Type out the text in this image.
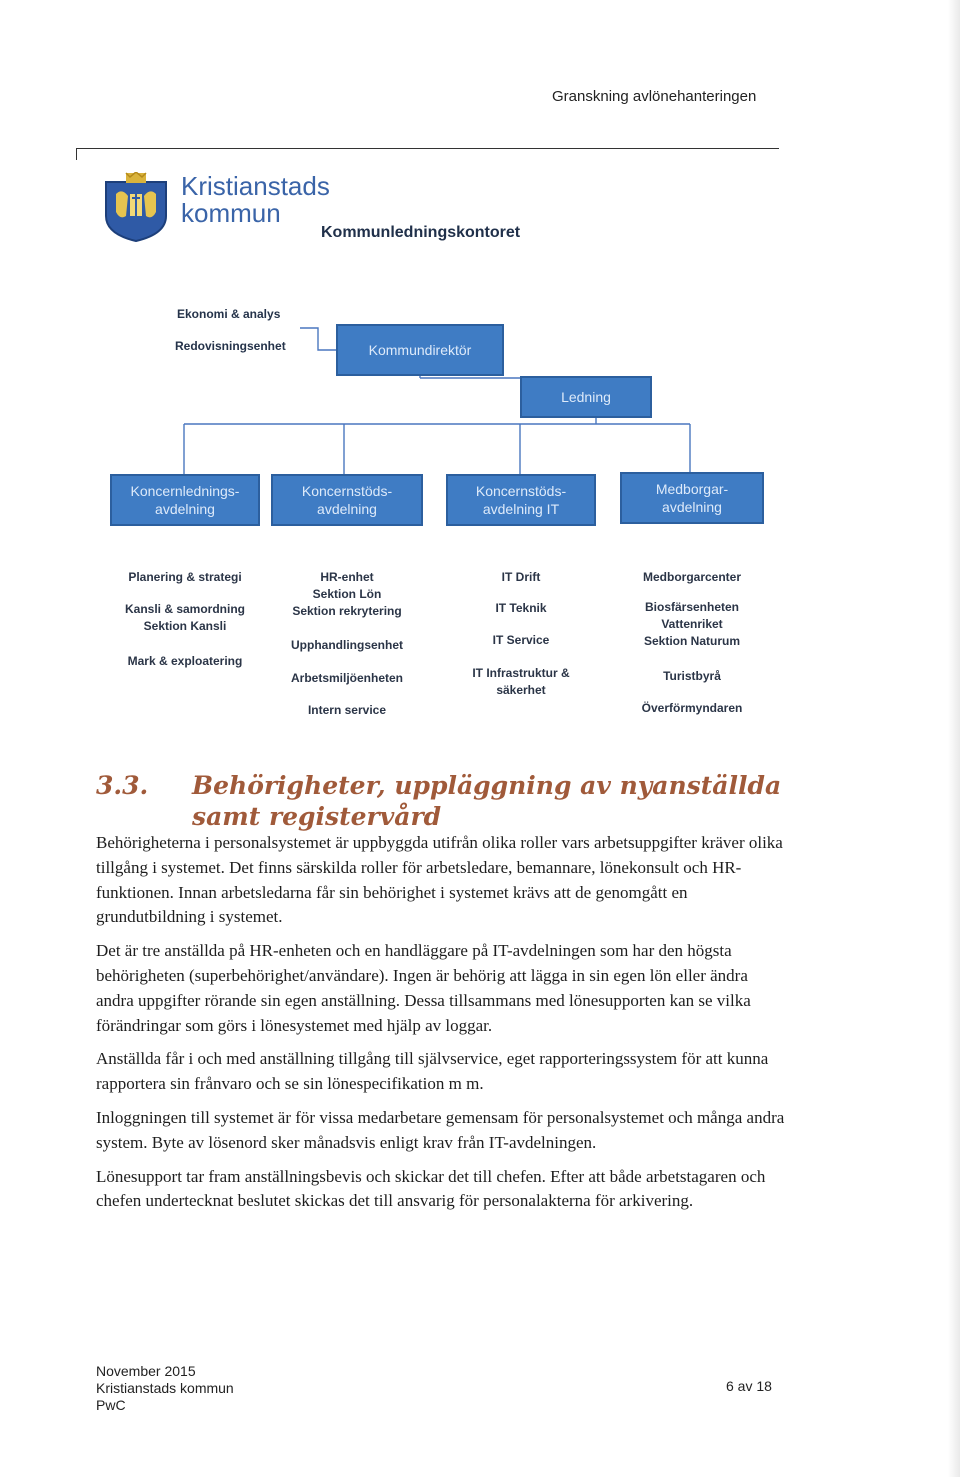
Granskning avlönehanteringen
Kristianstads
kommun
Kommunledningskontoret
Ekonomi & analys
Redovisningsenhet	Kommundirektör
Ledning
Koncernlednings-
avdelning
Koncernstöds-
avdelning
Koncernstöds-
avdelning IT
Medborgar-
avdelning
Planering & strategi
Kansli & samordning
Sektion Kansli
Mark & exploatering
HR-enhet
Sektion Lön
Sektion rekrytering
Upphandlingsenhet
Arbetsmiljöenheten
Intern service
IT Drift
IT Teknik
IT Service
IT Infrastruktur &
säkerhet
Medborgarcenter
Biosfärsenheten
Vattenriket
Sektion Naturum
Turistbyrå
Överförmyndaren
3.3. Behörigheter, uppläggning av nyanställda
samt registervård

Behörigheterna i personalsystemet är uppbyggda utifrån olika roller vars arbetsuppgifter kräver olika tillgång i systemet. Det finns särskilda roller för arbetsledare, bemannare, lönekonsult och HR-funktionen. Innan arbetsledarna får sin behörighet i systemet krävs att de genomgått en grundutbildning i systemet.

Det är tre anställda på HR-enheten och en handläggare på IT-avdelningen som har den högsta behörigheten (superbehörighet/användare). Ingen är behörig att lägga in sin egen lön eller ändra andra uppgifter rörande sin egen anställning. Dessa tillsammans med lönesupporten kan se vilka förändringar som görs i lönesystemet med hjälp av loggar.

Anställda får i och med anställning tillgång till självservice, eget rapporteringssystem för att kunna rapportera sin frånvaro och se sin lönespecifikation m m.

Inloggningen till systemet är för vissa medarbetare gemensam för personalsystemet och många andra system. Byte av lösenord sker månadsvis enligt krav från IT-avdelningen.

Lönesupport tar fram anställningsbevis och skickar det till chefen. Efter att både arbetstagaren och chefen undertecknat beslutet skickas det till ansvarig för personalakterna för arkivering.

November 2015
Kristianstads kommun
PwC
6 av 18
